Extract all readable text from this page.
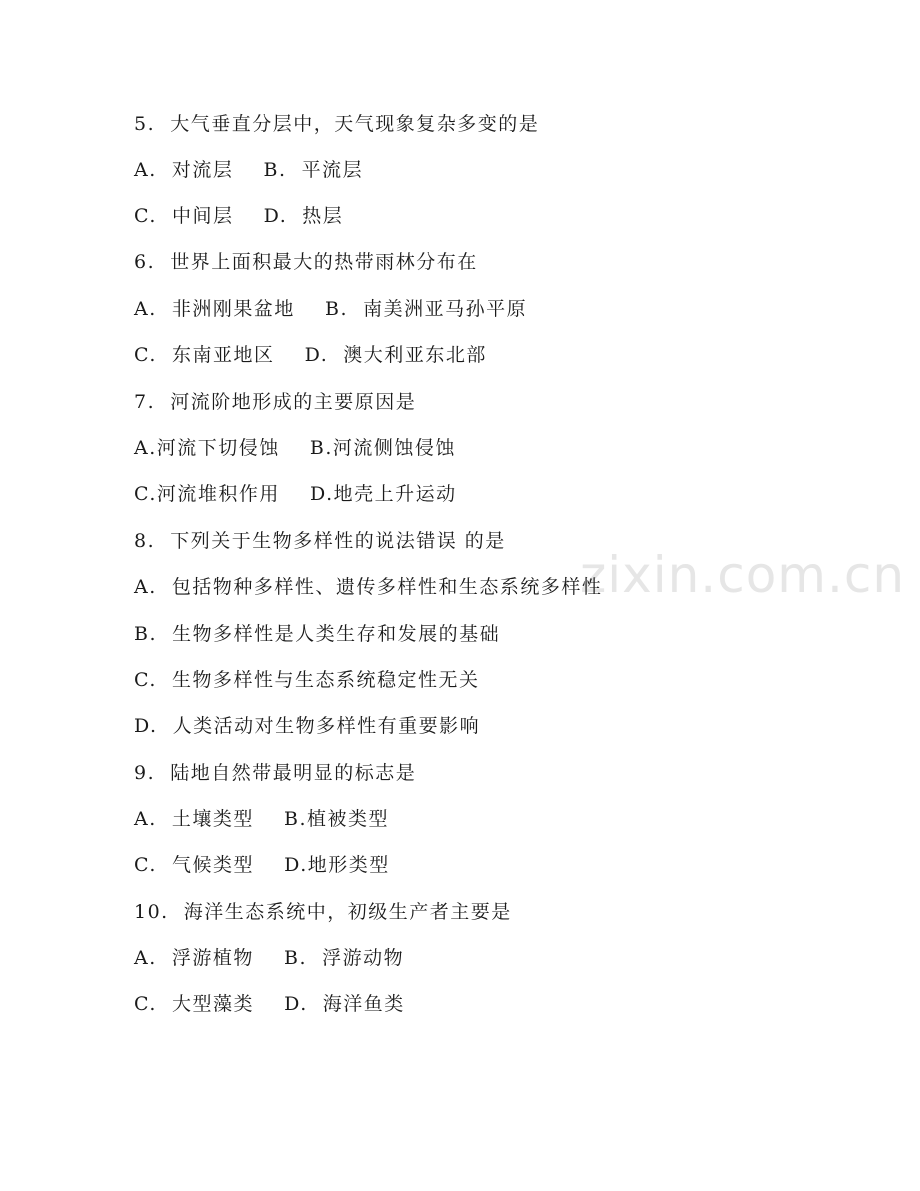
zixin.com.cn
5.  大气垂直分层中，天气现象复杂多变的是
A.  对流层    B.  平流层
C.  中间层    D.  热层
6.  世界上面积最大的热带雨林分布在
A.  非洲刚果盆地    B.  南美洲亚马孙平原
C.  东南亚地区    D.  澳大利亚东北部
7.  河流阶地形成的主要原因是
A.河流下切侵蚀    B.河流侧蚀侵蚀
C.河流堆积作用    D.地壳上升运动
8.  下列关于生物多样性的说法错误 的是
A.  包括物种多样性、遗传多样性和生态系统多样性
B.  生物多样性是人类生存和发展的基础
C.  生物多样性与生态系统稳定性无关
D.  人类活动对生物多样性有重要影响
9.  陆地自然带最明显的标志是
A.  土壤类型    B.植被类型
C.  气候类型    D.地形类型
10.  海洋生态系统中，初级生产者主要是
A.  浮游植物    B.  浮游动物
C.  大型藻类    D.  海洋鱼类
